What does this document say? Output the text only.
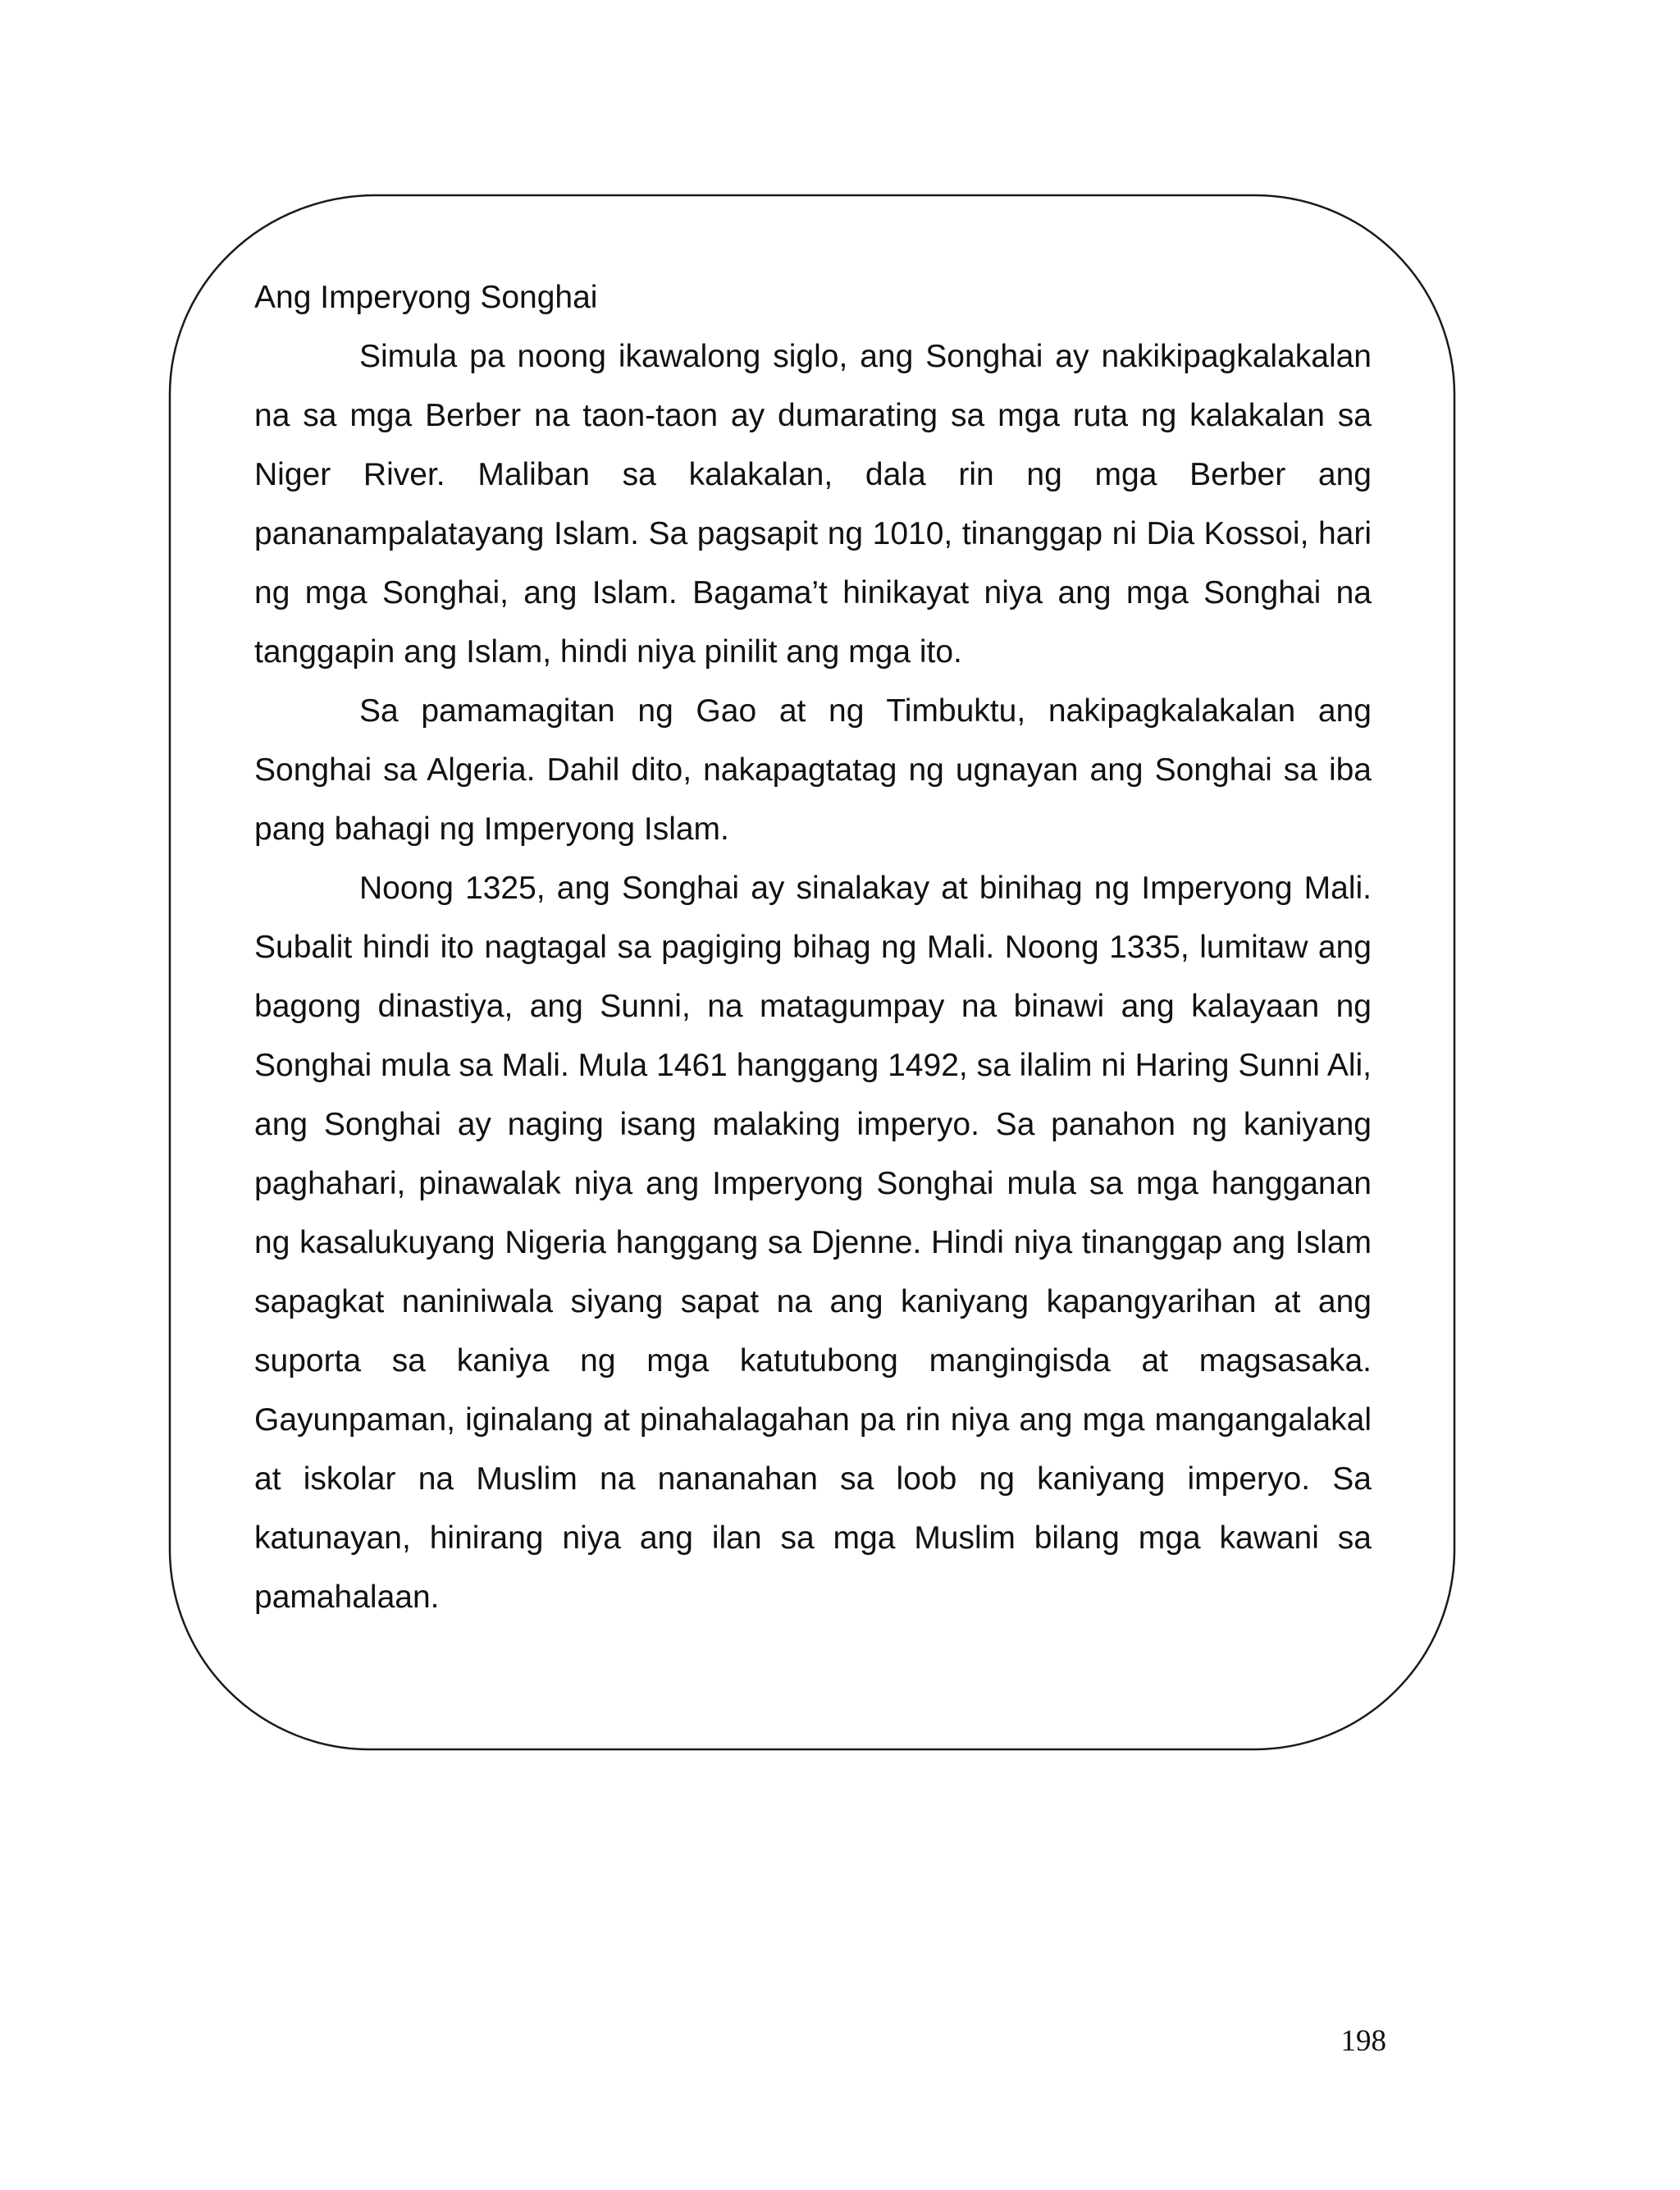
Ang Imperyong Songhai

Simula pa noong ikawalong siglo, ang Songhai ay nakikipagkalakalan na sa mga Berber na taon-taon ay dumarating sa mga ruta ng kalakalan sa Niger River. Maliban sa kalakalan, dala rin ng mga Berber ang pananampalatayang Islam. Sa pagsapit ng 1010, tinanggap ni Dia Kossoi, hari ng mga Songhai, ang Islam. Bagama’t hinikayat niya ang mga Songhai na tanggapin ang Islam, hindi niya pinilit ang mga ito.

Sa pamamagitan ng Gao at ng Timbuktu, nakipagkalakalan ang Songhai sa Algeria. Dahil dito, nakapagtatag ng ugnayan ang Songhai sa iba pang bahagi ng Imperyong Islam.

Noong 1325, ang Songhai ay sinalakay at binihag ng Imperyong Mali. Subalit hindi ito nagtagal sa pagiging bihag ng Mali. Noong 1335, lumitaw ang bagong dinastiya, ang Sunni, na matagumpay na binawi ang kalayaan ng Songhai mula sa Mali. Mula 1461 hanggang 1492, sa ilalim ni Haring Sunni Ali, ang Songhai ay naging isang malaking imperyo. Sa panahon ng kaniyang paghahari, pinawalak niya ang Imperyong Songhai mula sa mga hangganan ng kasalukuyang Nigeria hanggang sa Djenne. Hindi niya tinanggap ang Islam sapagkat naniniwala siyang sapat na ang kaniyang kapangyarihan at ang suporta sa kaniya ng mga katutubong mangingisda at magsasaka. Gayunpaman, iginalang at pinahalagahan pa rin niya ang mga mangangalakal at iskolar na Muslim na nananahan sa loob ng kaniyang imperyo. Sa katunayan, hinirang niya ang ilan sa mga Muslim bilang mga kawani sa pamahalaan.

198
